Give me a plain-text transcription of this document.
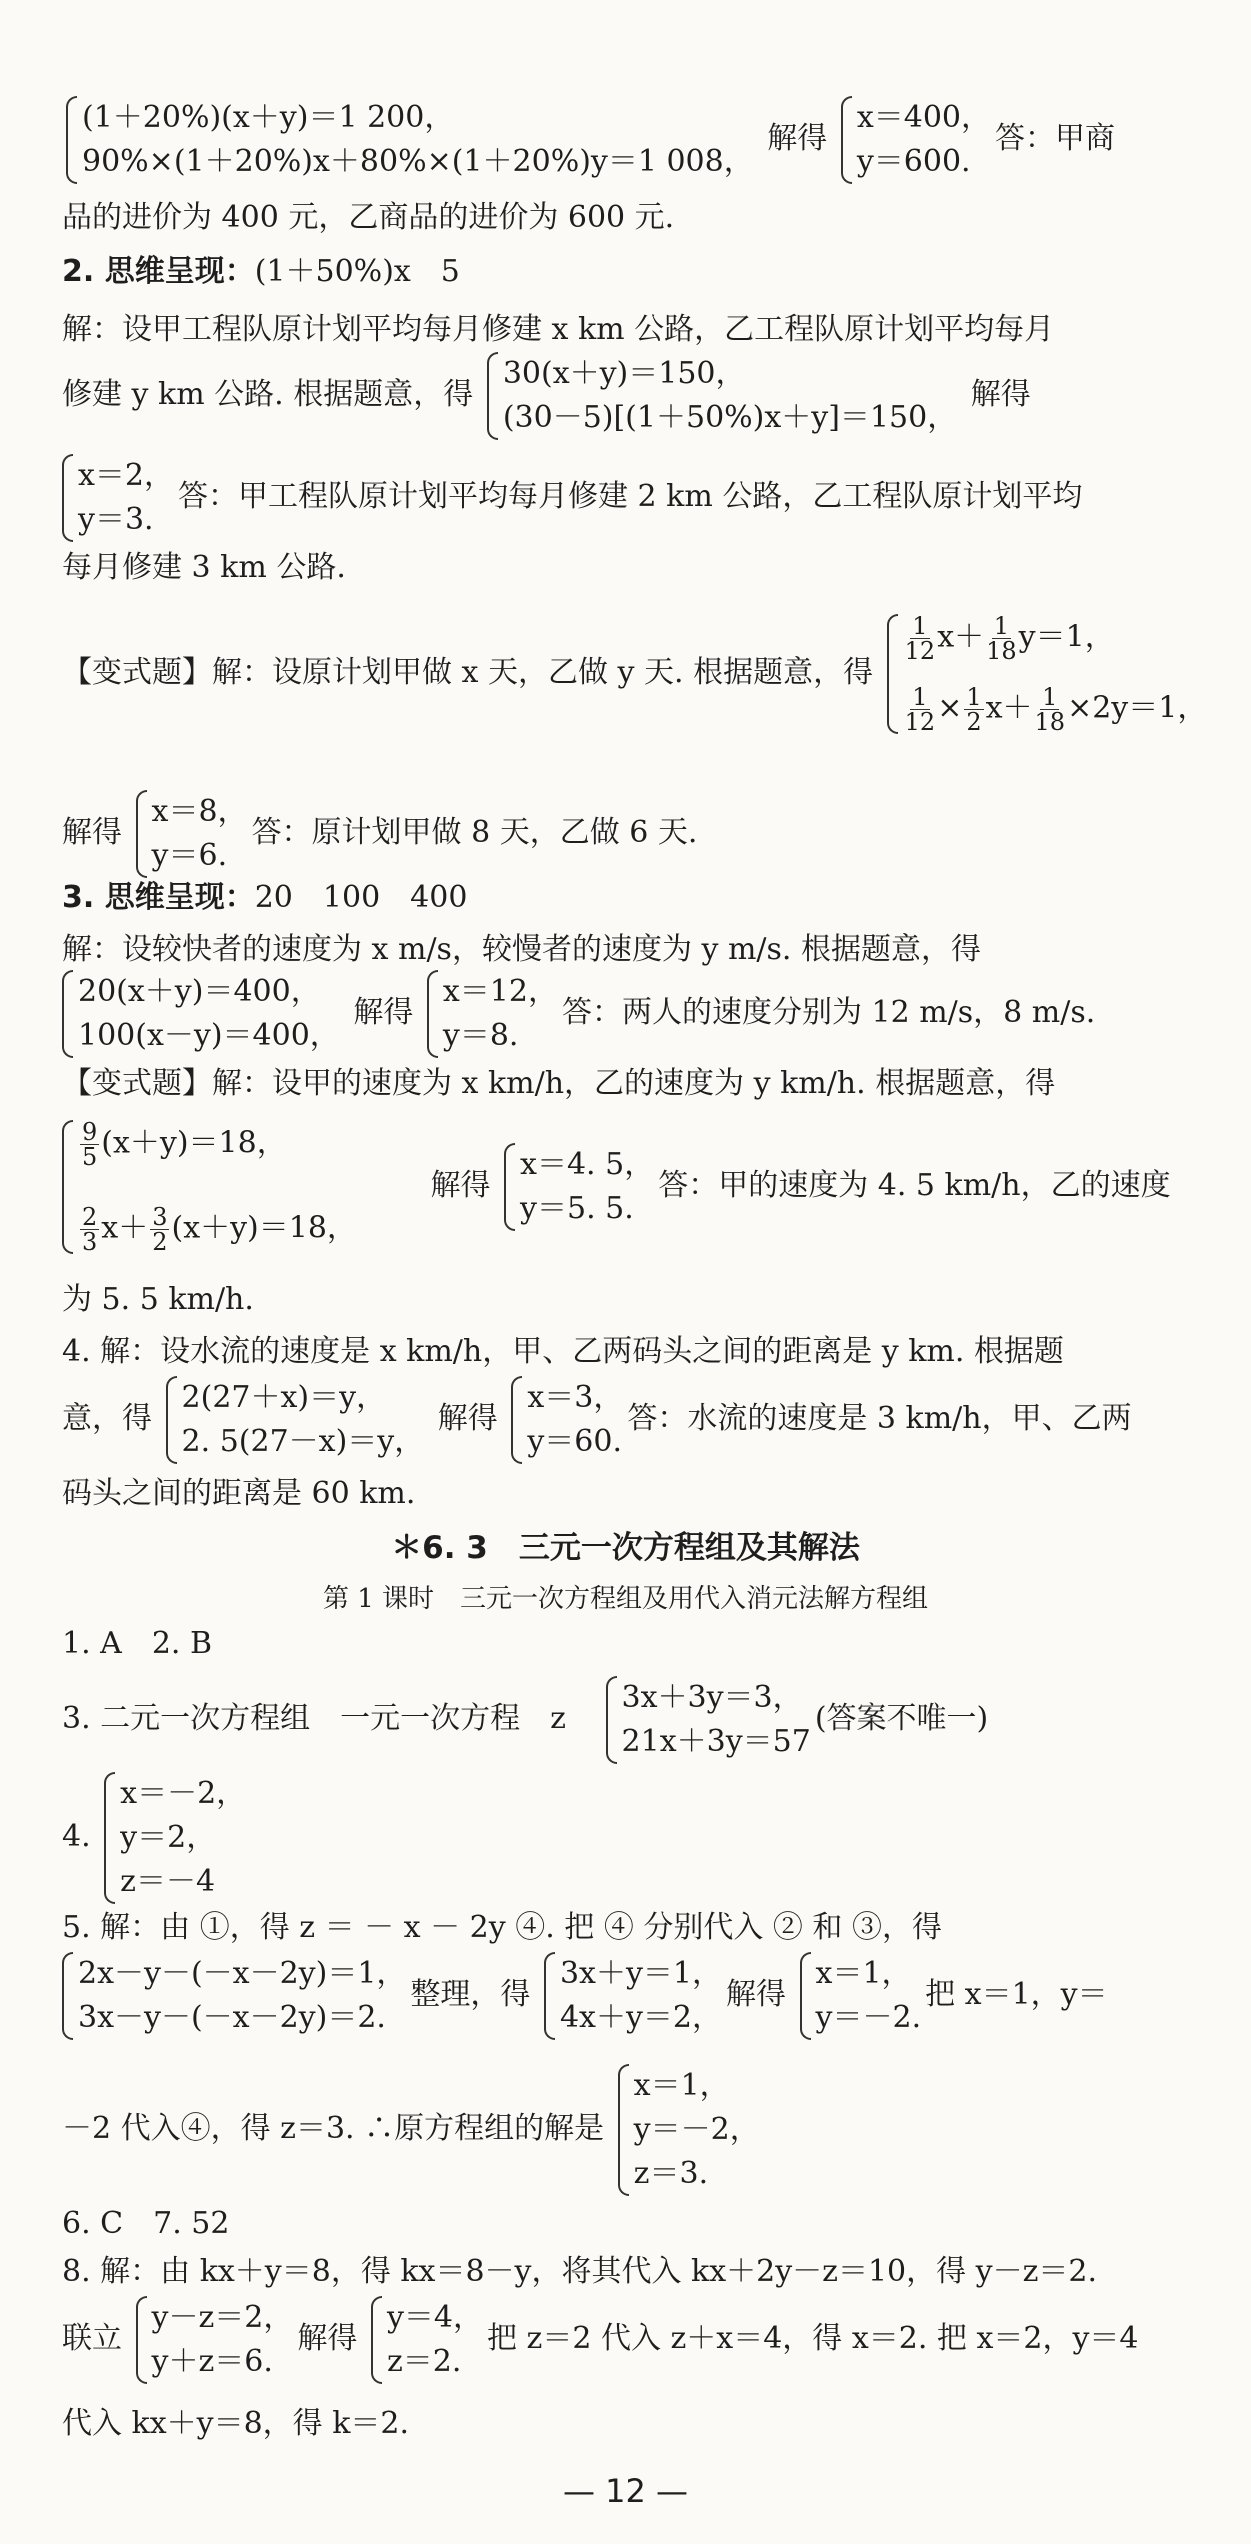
(1＋20%)(x＋y)＝1 200，
90%×(1＋20%)x＋80%×(1＋20%)y＝1 008，
解得
x＝400，
y＝600.
答：甲商
品的进价为 400 元，乙商品的进价为 600 元.
2. 思维呈现：(1＋50%)x　5
解：设甲工程队原计划平均每月修建 x km 公路，乙工程队原计划平均每月
修建 y km 公路. 根据题意，得
30(x＋y)＝150，
(30－5)[(1＋50%)x＋y]＝150，
解得
x＝2，
y＝3.
答：甲工程队原计划平均每月修建 2 km 公路，乙工程队原计划平均
每月修建 3 km 公路.
【变式题】解：设原计划甲做 x 天，乙做 y 天. 根据题意，得
$\frac{1}{12} x+ \frac{1}{18} y=1$，
$\frac{1}{12} \times \frac{1}{2} x+ \frac{1}{18} \times 2y=1$，
解得
x＝8，
y＝6.
答：原计划甲做 8 天，乙做 6 天.
3. 思维呈现：20　100　400
解：设较快者的速度为 x m/s，较慢者的速度为 y m/s. 根据题意，得
20(x＋y)＝400，
100(x－y)＝400，
解得
x＝12，
y＝8.
答：两人的速度分别为 12 m/s，8 m/s.
【变式题】解：设甲的速度为 x km/h，乙的速度为 y km/h. 根据题意，得
$\frac{9}{5} (x+y)=18$，
$\frac{2}{3} x+ \frac{3}{2} (x+y)=18$，
解得
x＝4. 5，
y＝5. 5.
答：甲的速度为 4. 5 km/h，乙的速度
为 5. 5 km/h.
4. 解：设水流的速度是 x km/h，甲、乙两码头之间的距离是 y km. 根据题
意，得
2(27＋x)＝y，
2. 5(27－x)＝y，
解得
x＝3，
y＝60.
答：水流的速度是 3 km/h，甲、乙两
码头之间的距离是 60 km.
＊6. 3　三元一次方程组及其解法
第 1 课时　三元一次方程组及用代入消元法解方程组
1. A　2. B
3. 二元一次方程组　一元一次方程　z
3x＋3y＝3，
21x＋3y＝57
(答案不唯一)
4.
x＝－2，
y＝2，
z＝－4
5. 解：由 ①，得 z ＝ － x － 2y ④. 把 ④ 分别代入 ② 和 ③，得
2x－y－(－x－2y)＝1，
3x－y－(－x－2y)＝2.
整理，得
3x＋y＝1，
4x＋y＝2，
解得
x＝1，
y＝－2.
把 x＝1，y＝
－2 代入④，得 z＝3. ∴原方程组的解是
x＝1，
y＝－2，
z＝3.
6. C　7. 52
8. 解：由 kx＋y＝8，得 kx＝8－y，将其代入 kx＋2y－z＝10，得 y－z＝2.
联立
y－z＝2，
y＋z＝6.
解得
y＝4，
z＝2.
把 z＝2 代入 z＋x＝4，得 x＝2. 把 x＝2，y＝4
代入 kx＋y＝8，得 k＝2.
— 12 —
